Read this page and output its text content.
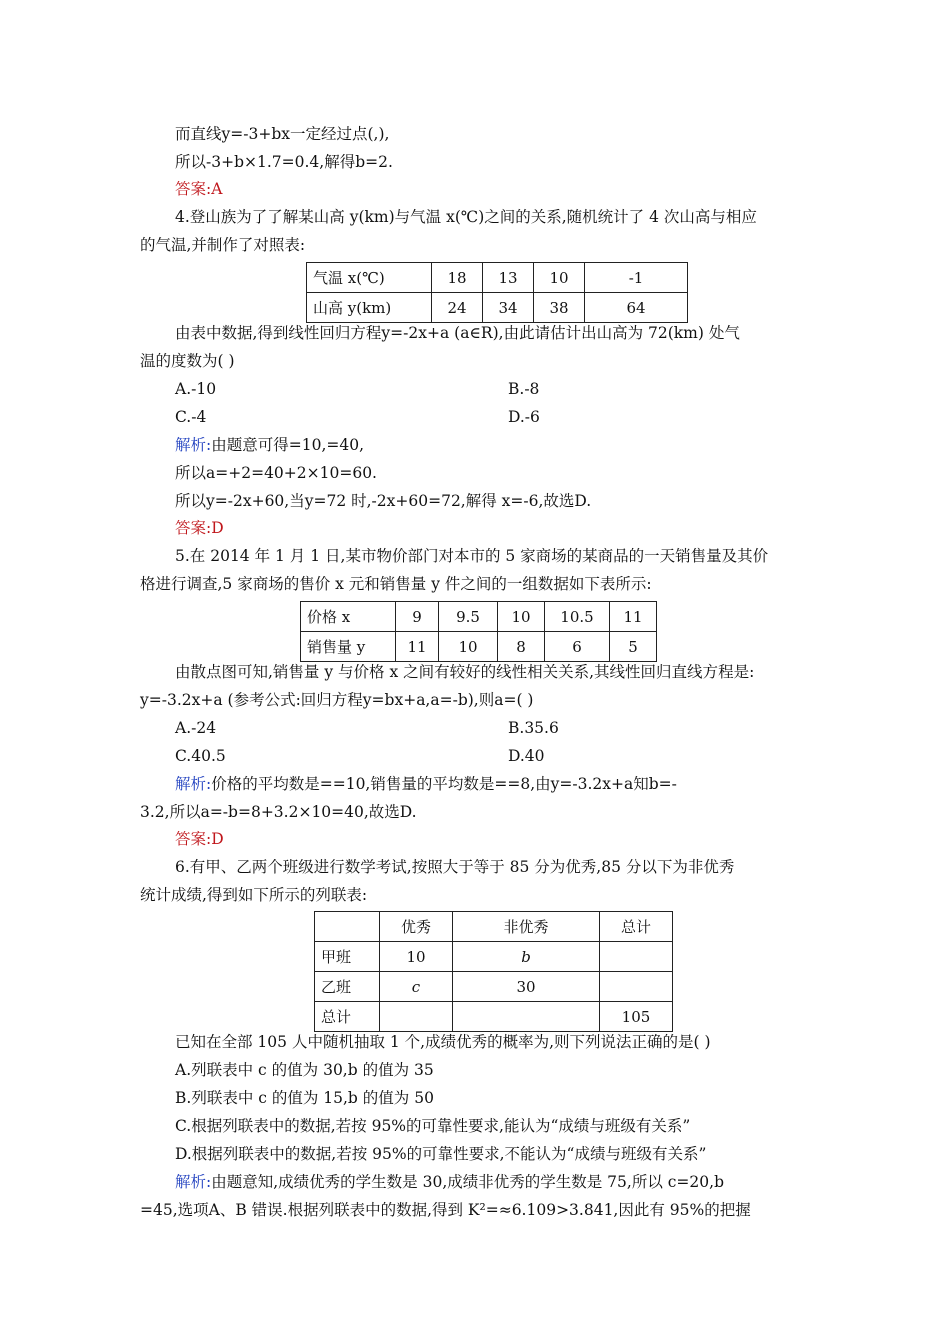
而直线y=-3+bx一定经过点(,),
所以-3+b×1.7=0.4,解得b=2.
答案:A
4.登山族为了了解某山高 y(km)与气温 x(℃)之间的关系,随机统计了 4 次山高与相应
的气温,并制作了对照表:
气温 x(℃)	18	13	10	-1
山高 y(km)	24	34	38	64
由表中数据,得到线性回归方程y=-2x+a (a∈R),由此请估计出山高为 72(km) 处气
温的度数为( )
A.-10	B.-8
C.-4	D.-6
解析:由题意可得=10,=40,
所以a=+2=40+2×10=60.
所以y=-2x+60,当y=72 时,-2x+60=72,解得 x=-6,故选D.
答案:D
5.在 2014 年 1 月 1 日,某市物价部门对本市的 5 家商场的某商品的一天销售量及其价
格进行调查,5 家商场的售价 x 元和销售量 y 件之间的一组数据如下表所示:
价格 x	9	9.5	10	10.5	11
销售量 y	11	10	8	6	5
由散点图可知,销售量 y 与价格 x 之间有较好的线性相关关系,其线性回归直线方程是:
y=-3.2x+a (参考公式:回归方程y=bx+a,a=-b),则a=( )
A.-24	B.35.6
C.40.5	D.40
解析:价格的平均数是==10,销售量的平均数是==8,由y=-3.2x+a知b=-
3.2,所以a=-b=8+3.2×10=40,故选D.
答案:D
6.有甲、乙两个班级进行数学考试,按照大于等于 85 分为优秀,85 分以下为非优秀
统计成绩,得到如下所示的列联表:
	优秀	非优秀	总计
甲班	10	b	
乙班	c	30	
总计			105
已知在全部 105 人中随机抽取 1 个,成绩优秀的概率为,则下列说法正确的是( )
A.列联表中 c 的值为 30,b 的值为 35
B.列联表中 c 的值为 15,b 的值为 50
C.根据列联表中的数据,若按 95%的可靠性要求,能认为“成绩与班级有关系”
D.根据列联表中的数据,若按 95%的可靠性要求,不能认为“成绩与班级有关系”
解析:由题意知,成绩优秀的学生数是 30,成绩非优秀的学生数是 75,所以 c=20,b
=45,选项A、B 错误.根据列联表中的数据,得到 K²=≈6.109>3.841,因此有 95%的把握
